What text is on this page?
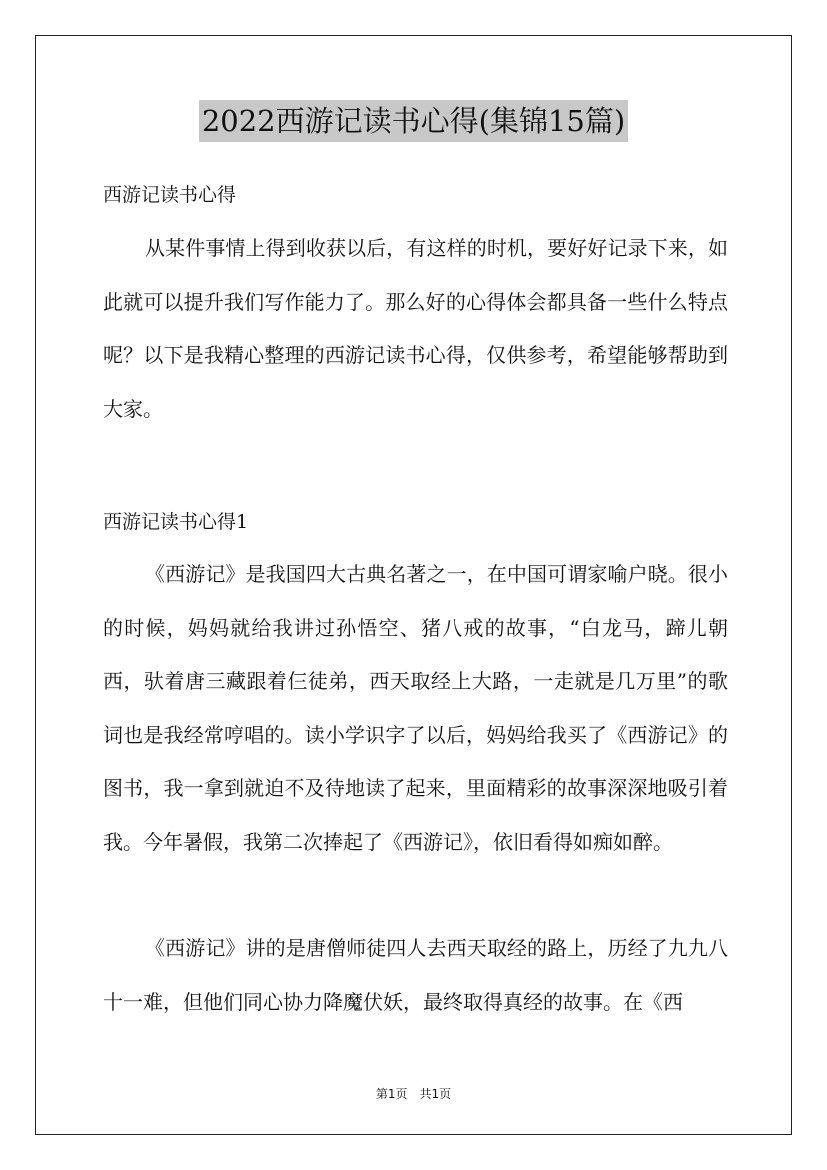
2022西游记读书心得(集锦15篇)
西游记读书心得
从某件事情上得到收获以后，有这样的时机，要好好记录下来，如此就可以提升我们写作能力了。那么好的心得体会都具备一些什么特点呢？以下是我精心整理的西游记读书心得，仅供参考，希望能够帮助到大家。
西游记读书心得1
《西游记》是我国四大古典名著之一，在中国可谓家喻户晓。很小的时候，妈妈就给我讲过孙悟空、猪八戒的故事，“白龙马，蹄儿朝西，驮着唐三藏跟着仨徒弟，西天取经上大路，一走就是几万里”的歌词也是我经常哼唱的。读小学识字了以后，妈妈给我买了《西游记》的图书，我一拿到就迫不及待地读了起来，里面精彩的故事深深地吸引着我。今年暑假，我第二次捧起了《西游记》，依旧看得如痴如醉。
《西游记》讲的是唐僧师徒四人去西天取经的路上，历经了九九八十一难，但他们同心协力降魔伏妖，最终取得真经的故事。在《西
第1页　共1页
